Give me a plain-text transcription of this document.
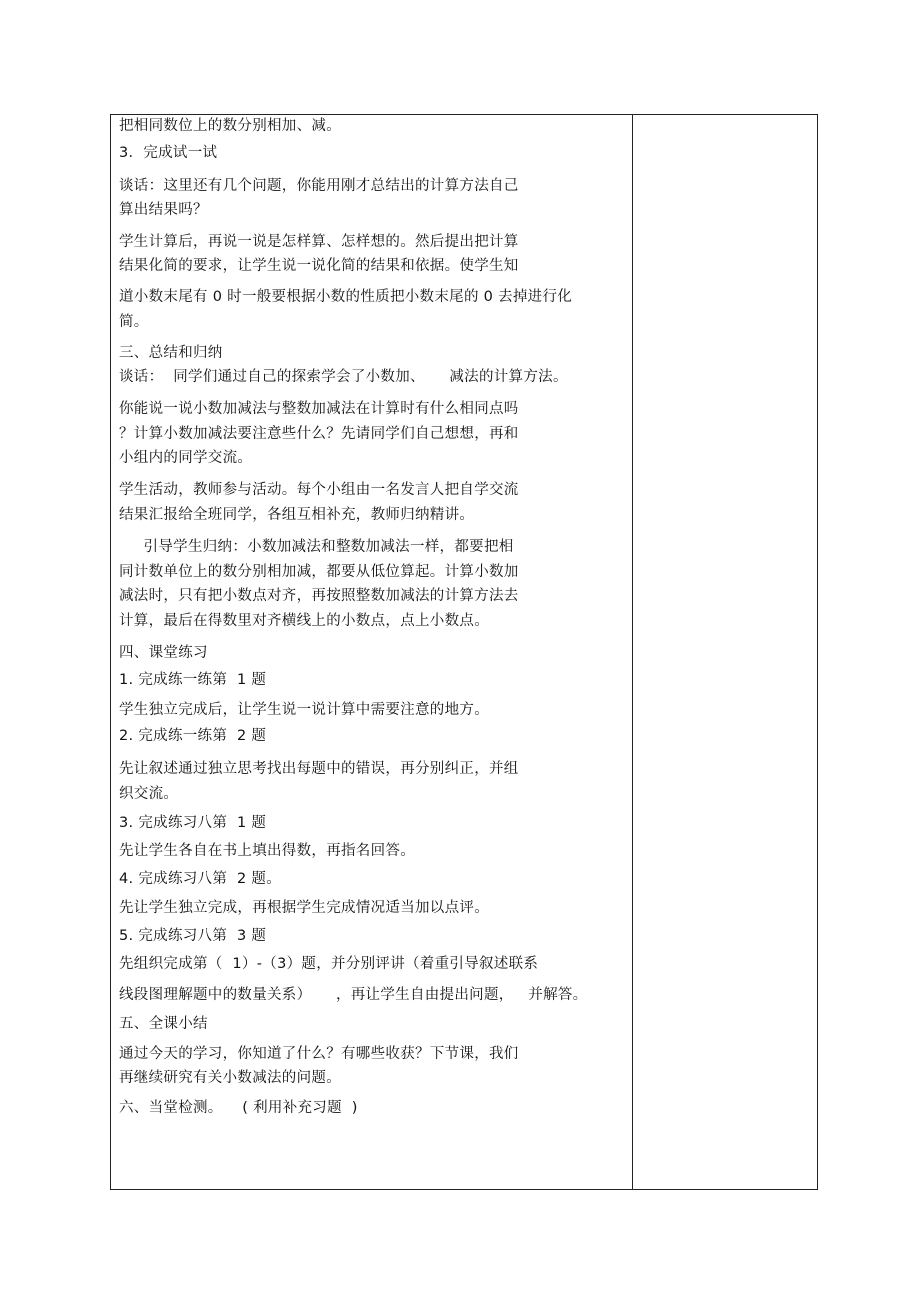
把相同数位上的数分别相加、减。
3．完成试一试
谈话：这里还有几个问题，你能用刚才总结出的计算方法自己
算出结果吗？
学生计算后，再说一说是怎样算、怎样想的。然后提出把计算
结果化简的要求，让学生说一说化简的结果和依据。使学生知
道小数末尾有 0 时一般要根据小数的性质把小数末尾的 0 去掉进行化
简。
三、总结和归纳
谈话：  同学们通过自己的探索学会了小数加、     减法的计算方法。
你能说一说小数加减法与整数加减法在计算时有什么相同点吗
？计算小数加减法要注意些什么？先请同学们自己想想，再和
小组内的同学交流。
学生活动，教师参与活动。每个小组由一名发言人把自学交流
结果汇报给全班同学，各组互相补充，教师归纳精讲。
引导学生归纳：小数加减法和整数加减法一样，都要把相
同计数单位上的数分别相加减，都要从低位算起。计算小数加
减法时，只有把小数点对齐，再按照整数加减法的计算方法去
计算，最后在得数里对齐横线上的小数点，点上小数点。
四、课堂练习
1. 完成练一练第  1 题
学生独立完成后，让学生说一说计算中需要注意的地方。
2. 完成练一练第  2 题
先让叙述通过独立思考找出每题中的错误，再分别纠正，并组
织交流。
3. 完成练习八第  1 题
先让学生各自在书上填出得数，再指名回答。
4. 完成练习八第  2 题。
先让学生独立完成，再根据学生完成情况适当加以点评。
5. 完成练习八第  3 题
先组织完成第（  1）-（3）题，并分别评讲（着重引导叙述联系
线段图理解题中的数量关系）     ，再让学生自由提出问题，   并解答。
五、全课小结
通过今天的学习，你知道了什么？有哪些收获？下节课，我们
再继续研究有关小数减法的问题。
六、当堂检测。    ( 利用补充习题  )
